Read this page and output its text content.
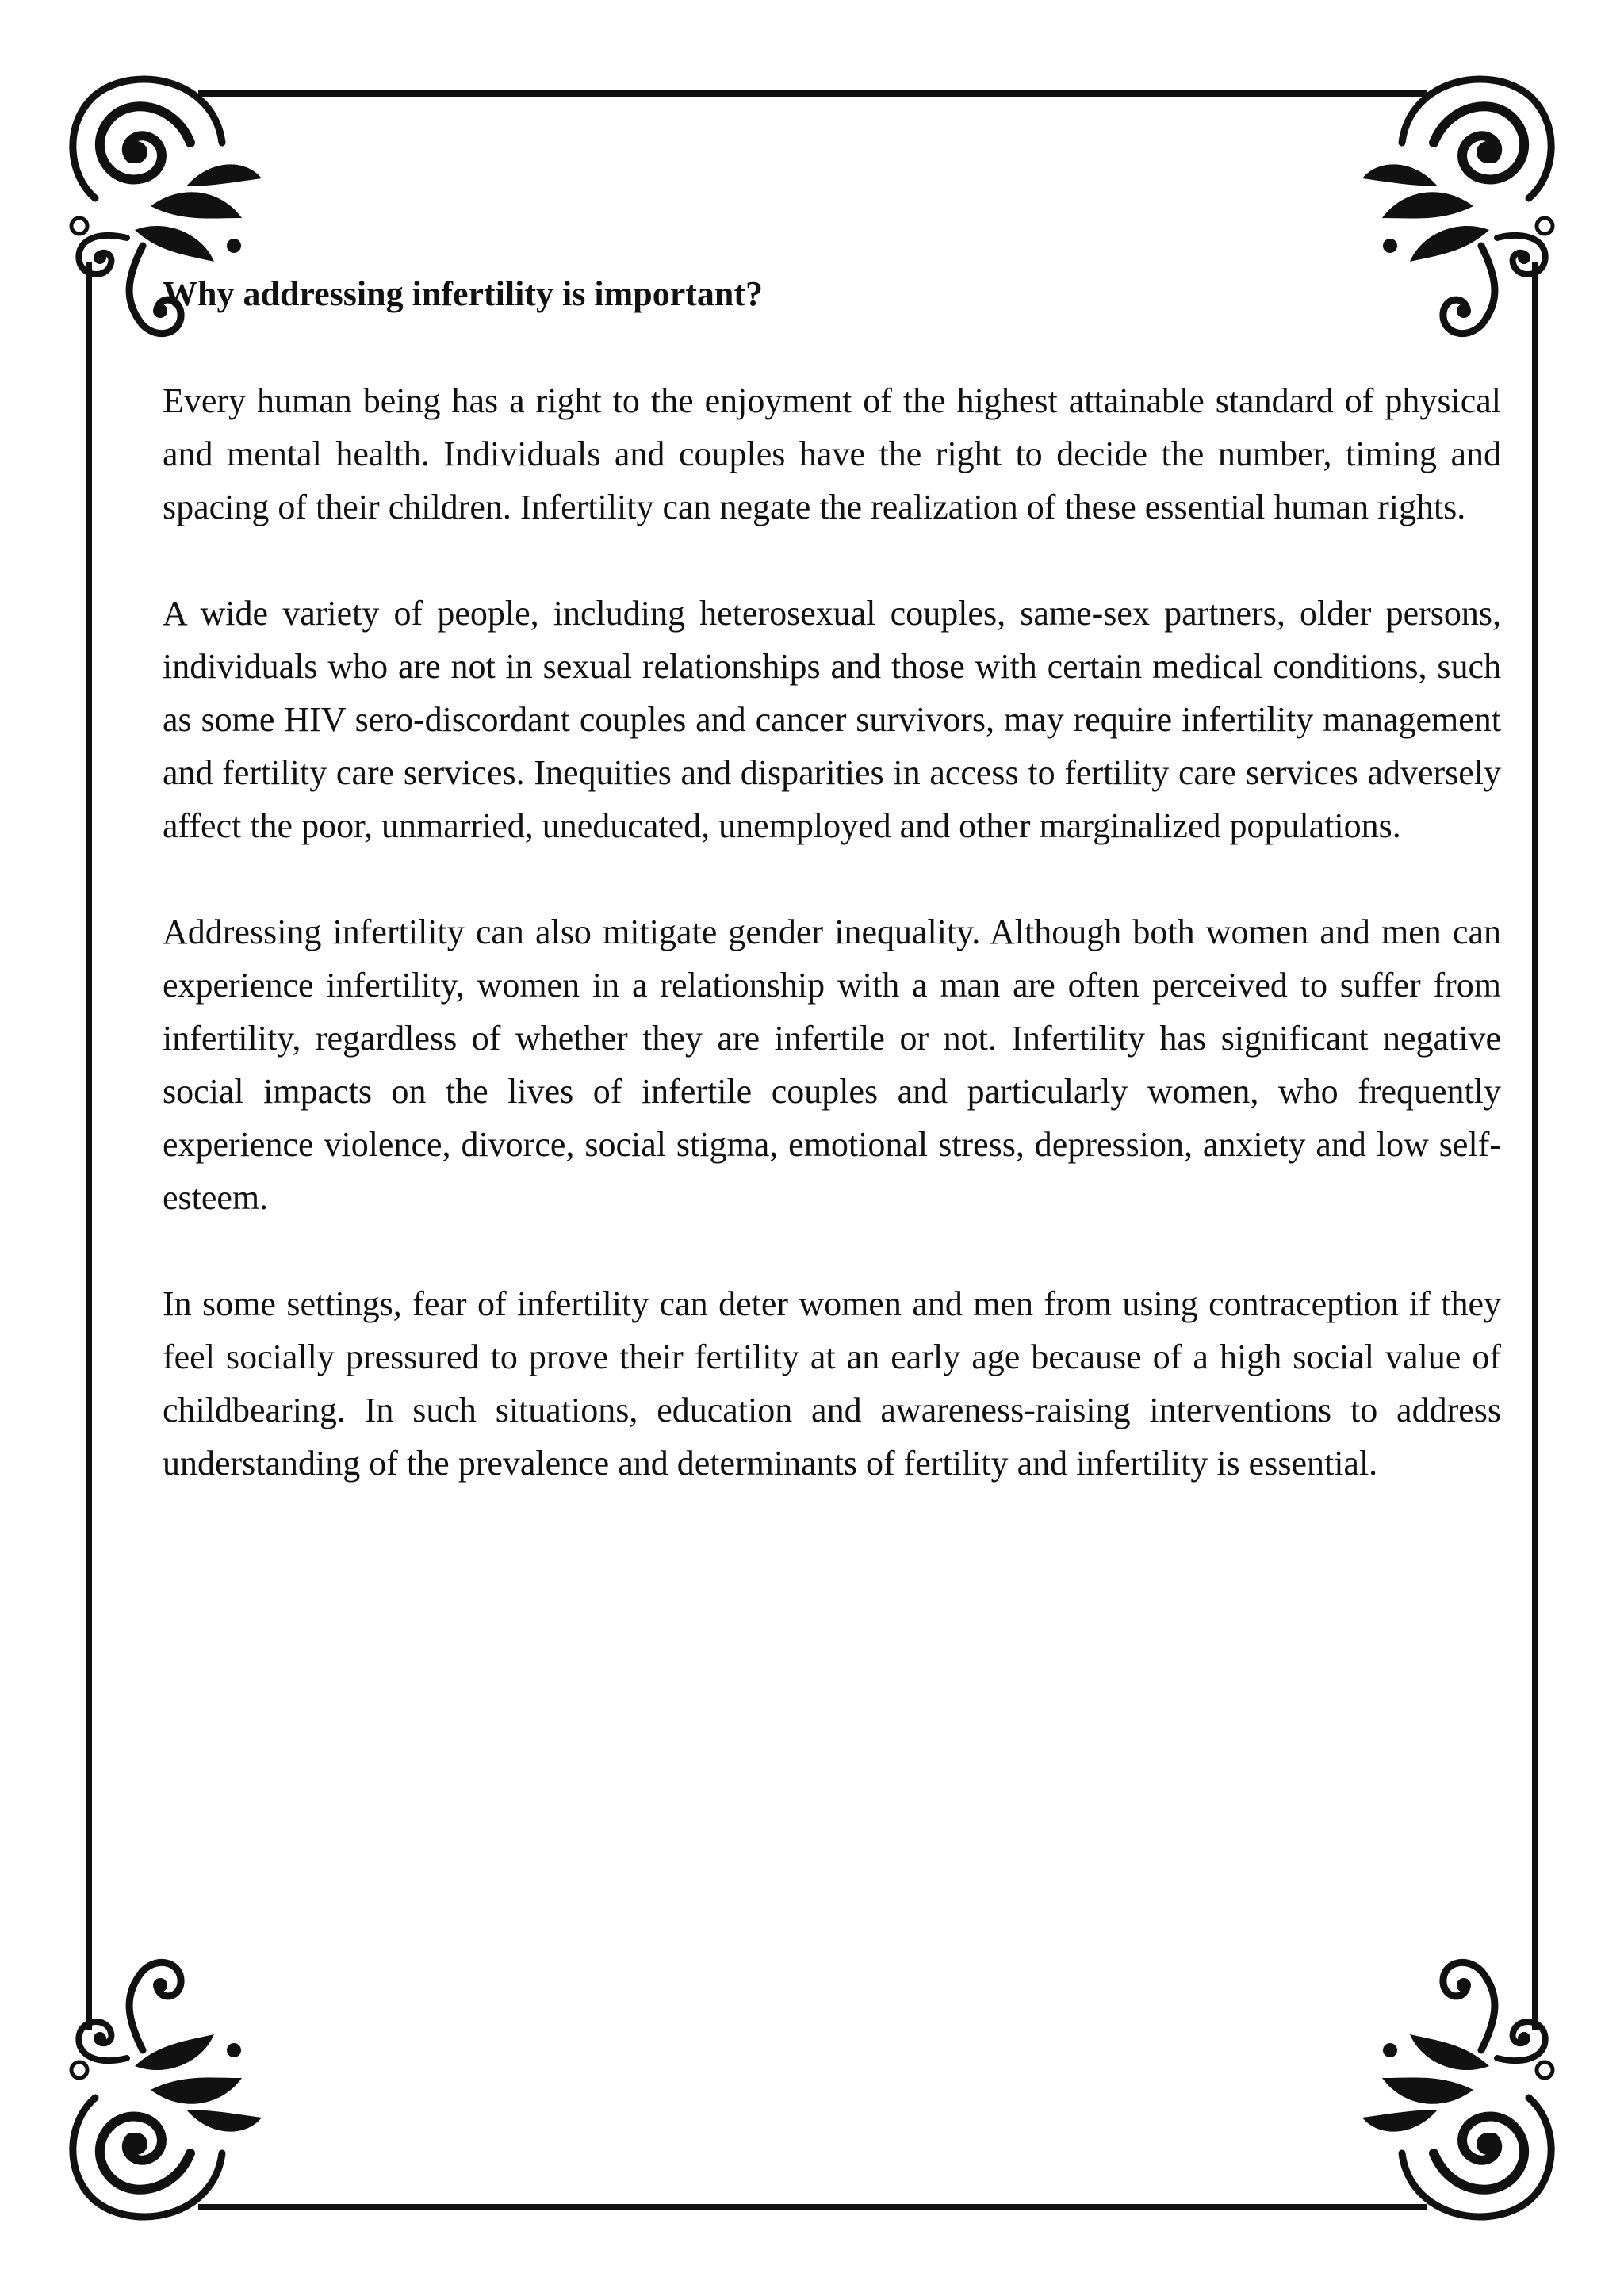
Why addressing infertility is important?

Every human being has a right to the enjoyment of the highest attainable standard of physical and mental health. Individuals and couples have the right to decide the number, timing and spacing of their children. Infertility can negate the realization of these essential human rights.

A wide variety of people, including heterosexual couples, same-sex partners, older persons, individuals who are not in sexual relationships and those with certain medical conditions, such as some HIV sero-discordant couples and cancer survivors, may require infertility management and fertility care services. Inequities and disparities in access to fertility care services adversely affect the poor, unmarried, uneducated, unemployed and other marginalized populations.

Addressing infertility can also mitigate gender inequality. Although both women and men can experience infertility, women in a relationship with a man are often perceived to suffer from infertility, regardless of whether they are infertile or not. Infertility has significant negative social impacts on the lives of infertile couples and particularly women, who frequently experience violence, divorce, social stigma, emotional stress, depression, anxiety and low self-esteem.

In some settings, fear of infertility can deter women and men from using contraception if they feel socially pressured to prove their fertility at an early age because of a high social value of childbearing. In such situations, education and awareness-raising interventions to address understanding of the prevalence and determinants of fertility and infertility is essential.
